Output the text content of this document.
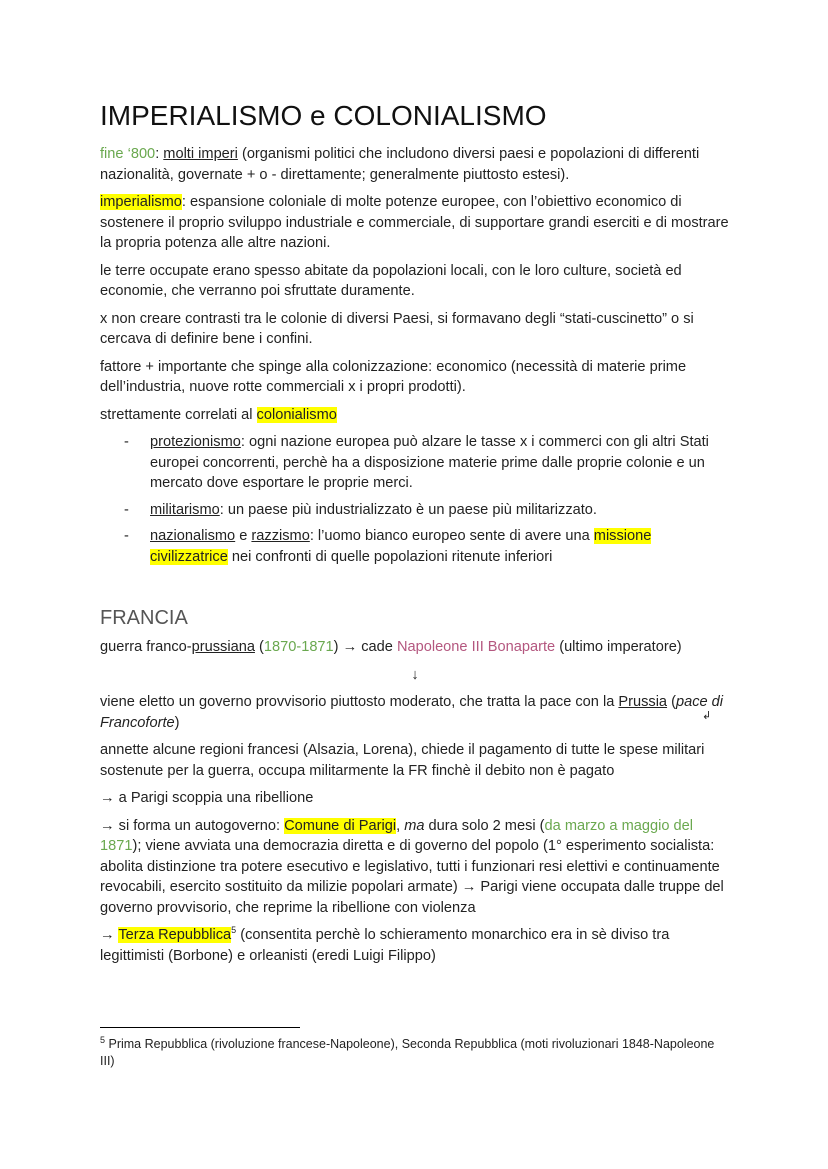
IMPERIALISMO e COLONIALISMO

fine ‘800: molti imperi (organismi politici che includono diversi paesi e popolazioni di differenti nazionalità, governate + o - direttamente; generalmente piuttosto estesi).

imperialismo: espansione coloniale di molte potenze europee, con l’obiettivo economico di sostenere il proprio sviluppo industriale e commerciale, di supportare grandi eserciti e di mostrare la propria potenza alle altre nazioni.

le terre occupate erano spesso abitate da popolazioni locali, con le loro culture, società ed economie, che verranno poi sfruttate duramente.

x non creare contrasti tra le colonie di diversi Paesi, si formavano degli “stati-cuscinetto” o si cercava di definire bene i confini.

fattore + importante che spinge alla colonizzazione: economico (necessità di materie prime dell’industria, nuove rotte commerciali x i propri prodotti).

strettamente correlati al colonialismo

- protezionismo: ogni nazione europea può alzare le tasse x i commerci con gli altri Stati europei concorrenti, perchè ha a disposizione materie prime dalle proprie colonie e un mercato dove esportare le proprie merci.
- militarismo: un paese più industrializzato è un paese più militarizzato.
- nazionalismo e razzismo: l’uomo bianco europeo sente di avere una missione civilizzatrice nei confronti di quelle popolazioni ritenute inferiori
FRANCIA

guerra franco-prussiana (1870-1871) → cade Napoleone III Bonaparte (ultimo imperatore)

↓

viene eletto un governo provvisorio piuttosto moderato, che tratta la pace con la Prussia (pace di Francoforte)

annette alcune regioni francesi (Alsazia, Lorena), chiede il pagamento di tutte le spese militari sostenute per la guerra, occupa militarmente la FR finchè il debito non è pagato

→ a Parigi scoppia una ribellione

→ si forma un autogoverno: Comune di Parigi, ma dura solo 2 mesi (da marzo a maggio del 1871); viene avviata una democrazia diretta e di governo del popolo (1° esperimento socialista: abolita distinzione tra potere esecutivo e legislativo, tutti i funzionari resi elettivi e continuamente revocabili, esercito sostituito da milizie popolari armate) → Parigi viene occupata dalle truppe del governo provvisorio, che reprime la ribellione con violenza

→ Terza Repubblica$^5$ (consentita perchè lo schieramento monarchico era in sè diviso tra legittimisti (Borbone) e orleanisti (eredi Luigi Filippo)

↲
$^5$ Prima Repubblica (rivoluzione francese-Napoleone), Seconda Repubblica (moti rivoluzionari 1848-Napoleone III)
